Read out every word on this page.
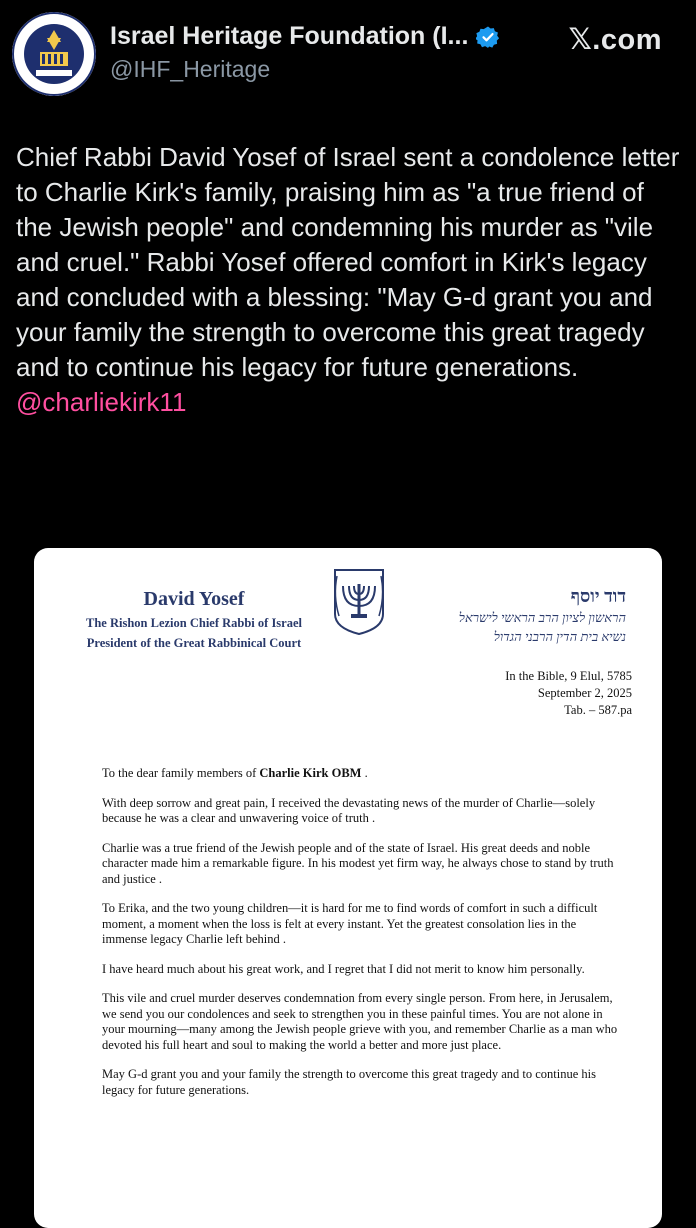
Israel Heritage Foundation (I...
@IHF_Heritage
𝕏.com
Chief Rabbi David Yosef of Israel sent a condolence letter to Charlie Kirk's family, praising him as "a true friend of the Jewish people" and condemning his murder as "vile and cruel." Rabbi Yosef offered comfort in Kirk's legacy and concluded with a blessing: "May G-d grant you and your family the strength to overcome this great tragedy and to continue his legacy for future generations. @charliekirk11
David Yosef
The Rishon Lezion Chief Rabbi of Israel
President of the Great Rabbinical Court
דוד יוסף
הראשון לציון הרב הראשי לישראל
נשיא בית הדין הרבני הגדול
In the Bible, 9 Elul, 5785
September 2, 2025
Tab. – 587.pa

To the dear family members of Charlie Kirk OBM .

With deep sorrow and great pain, I received the devastating news of the murder of Charlie—solely because he was a clear and unwavering voice of truth .

Charlie was a true friend of the Jewish people and of the state of Israel. His great deeds and noble character made him a remarkable figure. In his modest yet firm way, he always chose to stand by truth and justice .

To Erika, and the two young children—it is hard for me to find words of comfort in such a difficult moment, a moment when the loss is felt at every instant. Yet the greatest consolation lies in the immense legacy Charlie left behind .

I have heard much about his great work, and I regret that I did not merit to know him personally.

This vile and cruel murder deserves condemnation from every single person. From here, in Jerusalem, we send you our condolences and seek to strengthen you in these painful times. You are not alone in your mourning—many among the Jewish people grieve with you, and remember Charlie as a man who devoted his full heart and soul to making the world a better and more just place.

May G-d grant you and your family the strength to overcome this great tragedy and to continue his legacy for future generations.
